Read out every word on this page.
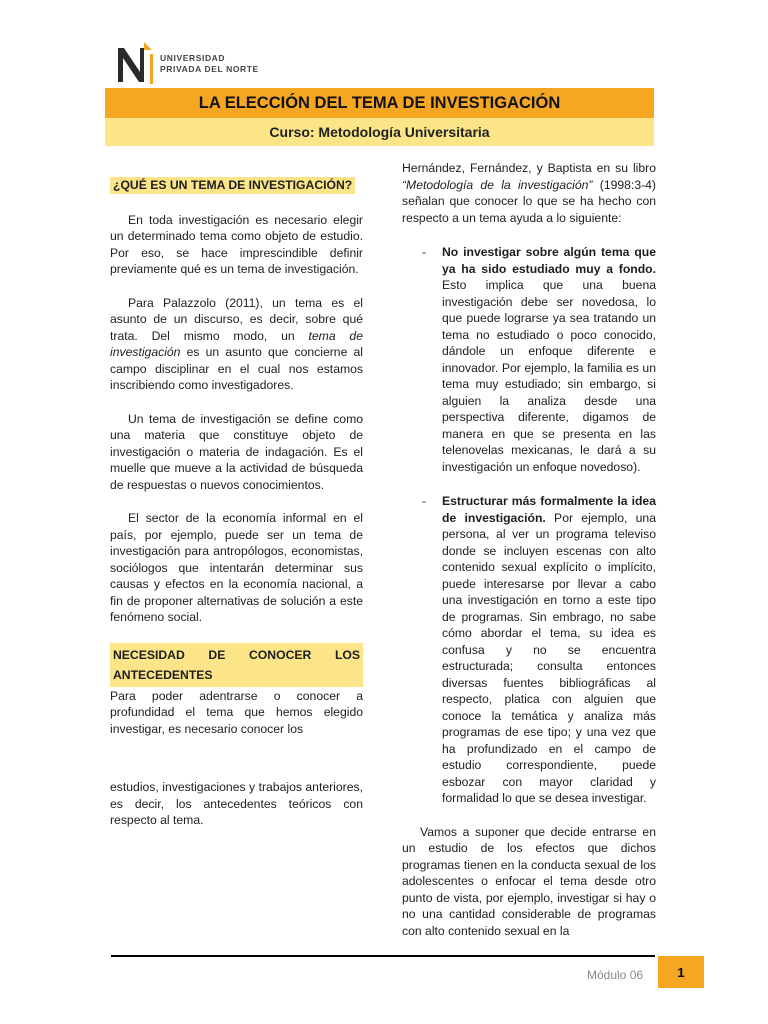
UNIVERSIDAD
PRIVADA DEL NORTE
LA ELECCIÓN DEL TEMA DE INVESTIGACIÓN
Curso: Metodología Universitaria
¿QUÉ ES UN TEMA DE INVESTIGACIÓN?

En toda investigación es necesario elegir un determinado tema como objeto de estudio. Por eso, se hace imprescindible definir previamente qué es un tema de investigación.

Para Palazzolo (2011), un tema es el asunto de un discurso, es decir, sobre qué trata. Del mismo modo, un tema de investigación es un asunto que concierne al campo disciplinar en el cual nos estamos inscribiendo como investigadores.

Un tema de investigación se define como una materia que constituye objeto de investigación o materia de indagación. Es el muelle que mueve a la actividad de búsqueda de respuestas o nuevos conocimientos.

El sector de la economía informal en el país, por ejemplo, puede ser un tema de investigación para antropólogos, economistas, sociólogos que intentarán determinar sus causas y efectos en la economía nacional, a fin de proponer alternativas de solución a este fenómeno social.

NECESIDAD DE CONOCER LOS ANTECEDENTES

Para poder adentrarse o conocer a profundidad el tema que hemos elegido investigar, es necesario conocer los

estudios, investigaciones y trabajos anteriores, es decir, los antecedentes teóricos con respecto al tema.

Hernández, Fernández, y Baptista en su libro “Metodología de la investigación” (1998:3-4) señalan que conocer lo que se ha hecho con respecto a un tema ayuda a lo siguiente:

-	No investigar sobre algún tema que ya ha sido estudiado muy a fondo. Esto implica que una buena investigación debe ser novedosa, lo que puede lograrse ya sea tratando un tema no estudiado o poco conocido, dándole un enfoque diferente e innovador. Por ejemplo, la familia es un tema muy estudiado; sin embargo, si alguien la analiza desde una perspectiva diferente, digamos de manera en que se presenta en las telenovelas mexicanas, le dará a su investigación un enfoque novedoso).

-	Estructurar más formalmente la idea de investigación. Por ejemplo, una persona, al ver un programa televiso donde se incluyen escenas con alto contenido sexual explícito o implícito, puede interesarse por llevar a cabo una investigación en torno a este tipo de programas. Sin embrago, no sabe cómo abordar el tema, su idea es confusa y no se encuentra estructurada; consulta entonces diversas fuentes bibliográficas al respecto, platica con alguien que conoce la temática y analiza más programas de ese tipo; y una vez que ha profundizado en el campo de estudio correspondiente, puede esbozar con mayor claridad y formalidad lo que se desea investigar.

Vamos a suponer que decide entrarse en un estudio de los efectos que dichos programas tienen en la conducta sexual de los adolescentes o enfocar el tema desde otro punto de vista, por ejemplo, investigar si hay o no una cantidad considerable de programas con alto contenido sexual en la

Módulo 06	1
